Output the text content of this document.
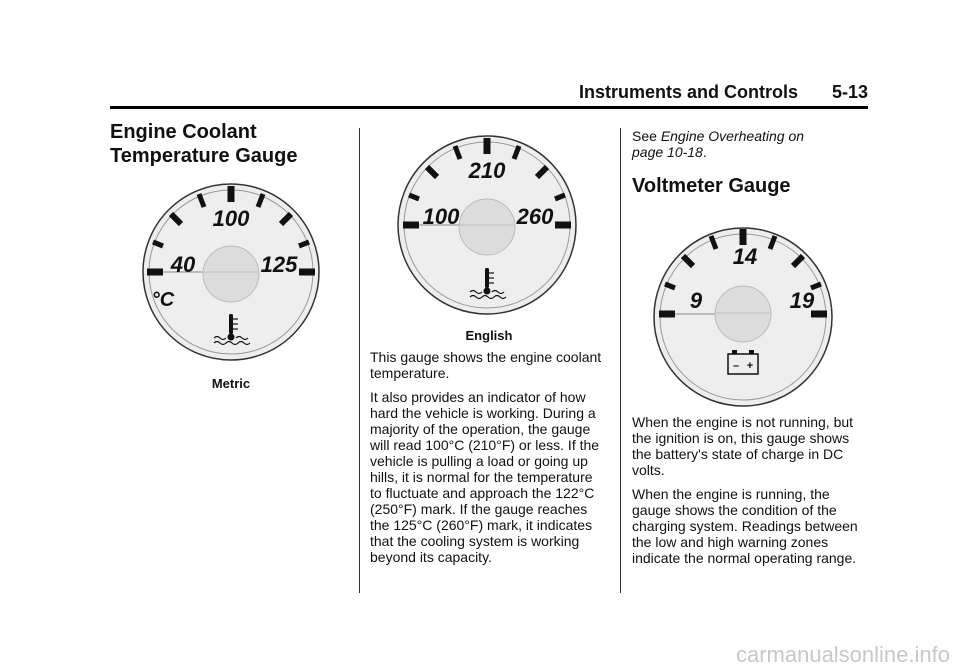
Instruments and Controls 5-13
Engine Coolant
Temperature Gauge
100
40	125
°C
Metric
210
100	260
English

This gauge shows the engine coolant temperature.

It also provides an indicator of how hard the vehicle is working. During a majority of the operation, the gauge will read 100°C (210°F) or less. If the vehicle is pulling a load or going up hills, it is normal for the temperature to fluctuate and approach the 122°C (250°F) mark. If the gauge reaches the 125°C (260°F) mark, it indicates that the cooling system is working beyond its capacity.

See Engine Overheating on page 10-18.

Voltmeter Gauge
14
9	19
– +

When the engine is not running, but the ignition is on, this gauge shows the battery's state of charge in DC volts.

When the engine is running, the gauge shows the condition of the charging system. Readings between the low and high warning zones indicate the normal operating range.

carmanualsonline.info
